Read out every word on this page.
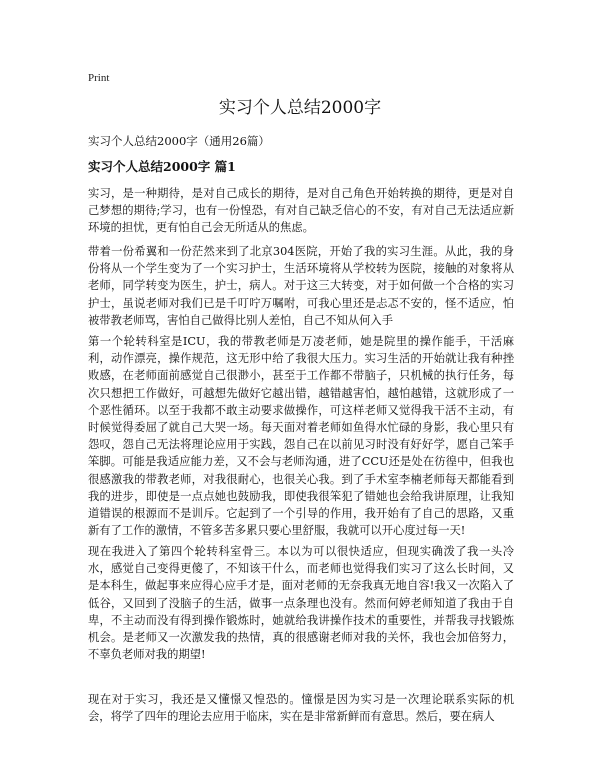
Print
实习个人总结2000字

实习个人总结2000字（通用26篇）

实习个人总结2000字 篇1

实习，是一种期待，是对自己成长的期待，是对自己角色开始转换的期待，更是对自己梦想的期待;学习，也有一份惶恐，有对自己缺乏信心的不安，有对自己无法适应新环境的担忧，更有怕自己会无所适从的焦虑。

带着一份希翼和一份茫然来到了北京304医院，开始了我的实习生涯。从此，我的身份将从一个学生变为了一个实习护士，生活环境将从学校转为医院，接触的对象将从老师，同学转变为医生，护士，病人。对于这三大转变，对于如何做一个合格的实习护士，虽说老师对我们已是千叮咛万嘱咐，可我心里还是忐忑不安的，怪不适应，怕被带教老师骂，害怕自己做得比别人差怕，自己不知从何入手

第一个轮转科室是ICU，我的带教老师是万凌老师，她是院里的操作能手，干活麻利，动作漂亮，操作规范，这无形中给了我很大压力。实习生活的开始就让我有种挫败感，在老师面前感觉自己很渺小，甚至于工作都不带脑子，只机械的执行任务，每次只想把工作做好，可越想先做好它越出错，越错越害怕，越怕越错，这就形成了一个恶性循环。以至于我都不敢主动要求做操作，可这样老师又觉得我干活不主动，有时候觉得委屈了就自己大哭一场。每天面对着老师如鱼得水忙碌的身影，我心里只有怨叹，怨自己无法将理论应用于实践，怨自己在以前见习时没有好好学，愿自己笨手笨脚。可能是我适应能力差，又不会与老师沟通，进了CCU还是处在彷徨中，但我也很感激我的带教老师，对我很耐心，也很关心我。到了手术室李楠老师每天都能看到我的进步，即使是一点点她也鼓励我，即使我很笨犯了错她也会给我讲原理，让我知道错误的根源而不是训斥。它起到了一个引导的作用，我开始有了自己的思路，又重新有了工作的激情，不管多苦多累只要心里舒服，我就可以开心度过每一天!

现在我进入了第四个轮转科室骨三。本以为可以很快适应，但现实确泼了我一头冷水，感觉自己变得更傻了，不知该干什么，而老师也觉得我们实习了这么长时间，又是本科生，做起事来应得心应手才是，面对老师的无奈我真无地自容!我又一次陷入了低谷，又回到了没脑子的生活，做事一点条理也没有。然而何婷老师知道了我由于自卑，不主动而没有得到操作锻炼时，她就给我讲操作技术的重要性，并帮我寻找锻炼机会。是老师又一次激发我的热情，真的很感谢老师对我的关怀，我也会加倍努力，不辜负老师对我的期望!

现在对于实习，我还是又懂憬又惶恐的。憧憬是因为实习是一次理论联系实际的机会，将学了四年的理论去应用于临床，实在是非常新鲜而有意思。然后，要在病人
